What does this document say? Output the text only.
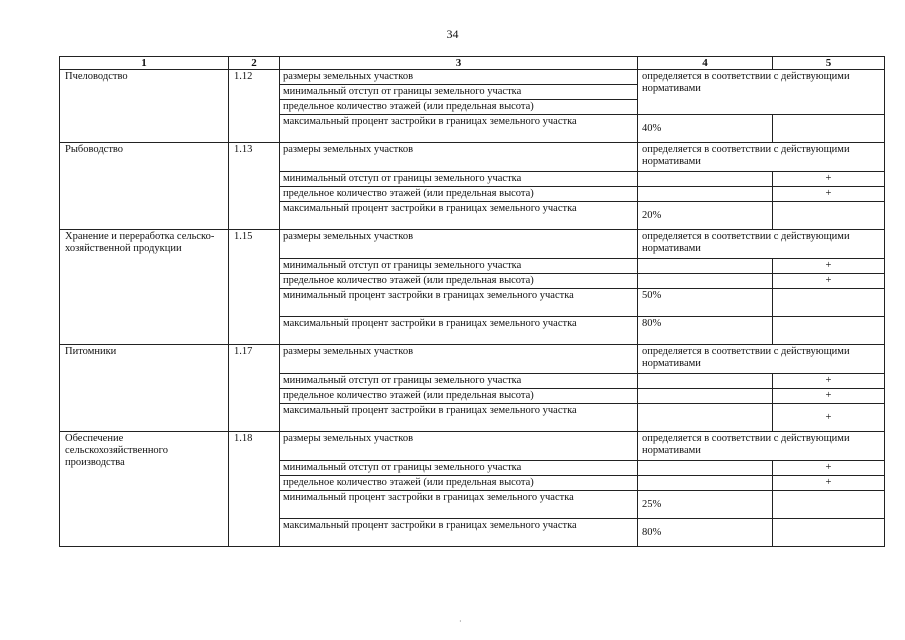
34
1	2	3	4	5
Пчеловодство	1.12	размеры земельных участков	определяется в соответствии с действующими нормативами	
		минимальный отступ от границы земельного участка		
		предельное количество этажей (или предельная высота)		
		максимальный процент застройки в границах земельного участка	40%	
Рыбоводство	1.13	размеры земельных участков	определяется в соответствии с действующими нормативами	
		минимальный отступ от границы земельного участка		+
		предельное количество этажей (или предельная высота)		+
		максимальный процент застройки в границах земельного участка	20%	
Хранение и переработка сельско-хозяйственной продукции	1.15	размеры земельных участков	определяется в соответствии с действующими нормативами	
		минимальный отступ от границы земельного участка		+
		предельное количество этажей (или предельная высота)		+
		минимальный процент застройки в границах земельного участка	50%	
		максимальный процент застройки в границах земельного участка	80%	
Питомники	1.17	размеры земельных участков	определяется в соответствии с действующими нормативами	
		минимальный отступ от границы земельного участка		+
		предельное количество этажей (или предельная высота)		+
		максимальный процент застройки в границах земельного участка		+
Обеспечение сельскохозяйственного производства	1.18	размеры земельных участков	определяется в соответствии с действующими нормативами	
		минимальный отступ от границы земельного участка		+
		предельное количество этажей (или предельная высота)		+
		минимальный процент застройки в границах земельного участка	25%	
		максимальный процент застройки в границах земельного участка	80%	
·
